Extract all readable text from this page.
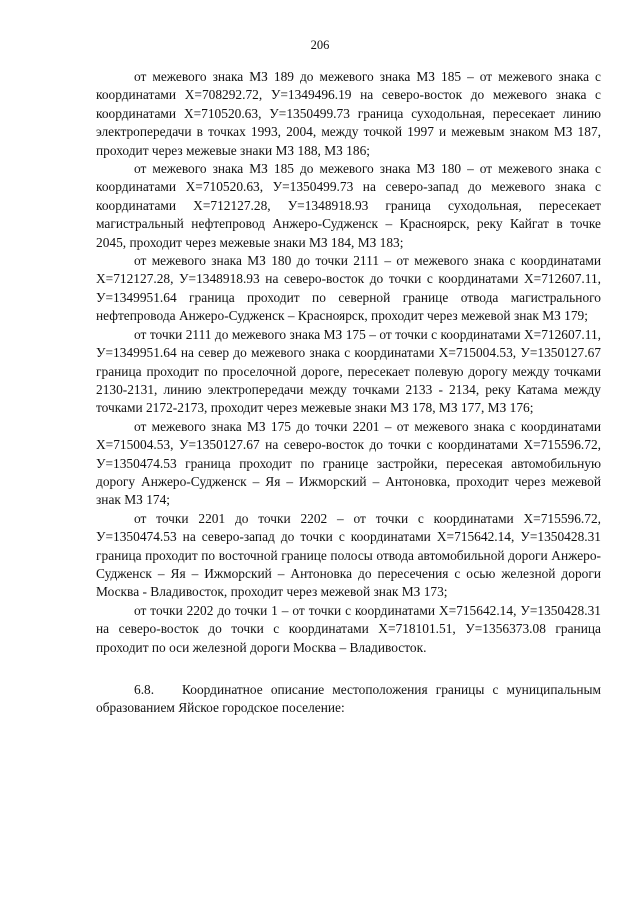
206

от межевого знака МЗ 189 до межевого знака МЗ 185 – от межевого знака с координатами Х=708292.72, У=1349496.19 на северо-восток до межевого знака с координатами Х=710520.63, У=1350499.73 граница суходольная, пересекает линию электропередачи в точках 1993, 2004, между точкой 1997 и межевым знаком МЗ 187, проходит через межевые знаки МЗ 188, МЗ 186;

от межевого знака МЗ 185 до межевого знака МЗ 180 – от межевого знака с координатами Х=710520.63, У=1350499.73 на северо-запад до межевого знака с координатами Х=712127.28, У=1348918.93 граница суходольная, пересекает магистральный нефтепровод Анжеро-Судженск – Красноярск, реку Кайгат в точке 2045, проходит через межевые знаки МЗ 184, МЗ 183;

от межевого знака МЗ 180 до точки 2111 – от межевого знака с координатами Х=712127.28, У=1348918.93 на северо-восток до точки с координатами Х=712607.11, У=1349951.64 граница проходит по северной границе отвода магистрального нефтепровода Анжеро-Судженск – Красноярск, проходит через межевой знак МЗ 179;

от точки 2111 до межевого знака МЗ 175 – от точки с координатами Х=712607.11, У=1349951.64 на север до межевого знака с координатами Х=715004.53, У=1350127.67 граница проходит по проселочной дороге, пересекает полевую дорогу между точками 2130-2131, линию электропередачи между точками 2133 - 2134, реку Катама между точками 2172-2173, проходит через межевые знаки МЗ 178, МЗ 177, МЗ 176;

от межевого знака МЗ 175 до точки 2201 – от межевого знака с координатами Х=715004.53, У=1350127.67 на северо-восток до точки с координатами Х=715596.72, У=1350474.53 граница проходит по границе застройки, пересекая автомобильную дорогу Анжеро-Судженск – Яя – Ижморский – Антоновка, проходит через межевой знак МЗ 174;

от точки 2201 до точки 2202 – от точки с координатами Х=715596.72, У=1350474.53 на северо-запад до точки с координатами Х=715642.14, У=1350428.31 граница проходит по восточной границе полосы отвода автомобильной дороги Анжеро-Судженск – Яя – Ижморский – Антоновка до пересечения с осью железной дороги Москва - Владивосток, проходит через межевой знак МЗ 173;

от точки 2202 до точки 1 – от точки с координатами Х=715642.14, У=1350428.31 на северо-восток до точки с координатами Х=718101.51, У=1356373.08 граница проходит по оси железной дороги Москва – Владивосток.

6.8. Координатное описание местоположения границы с муниципальным образованием Яйское городское поселение:
